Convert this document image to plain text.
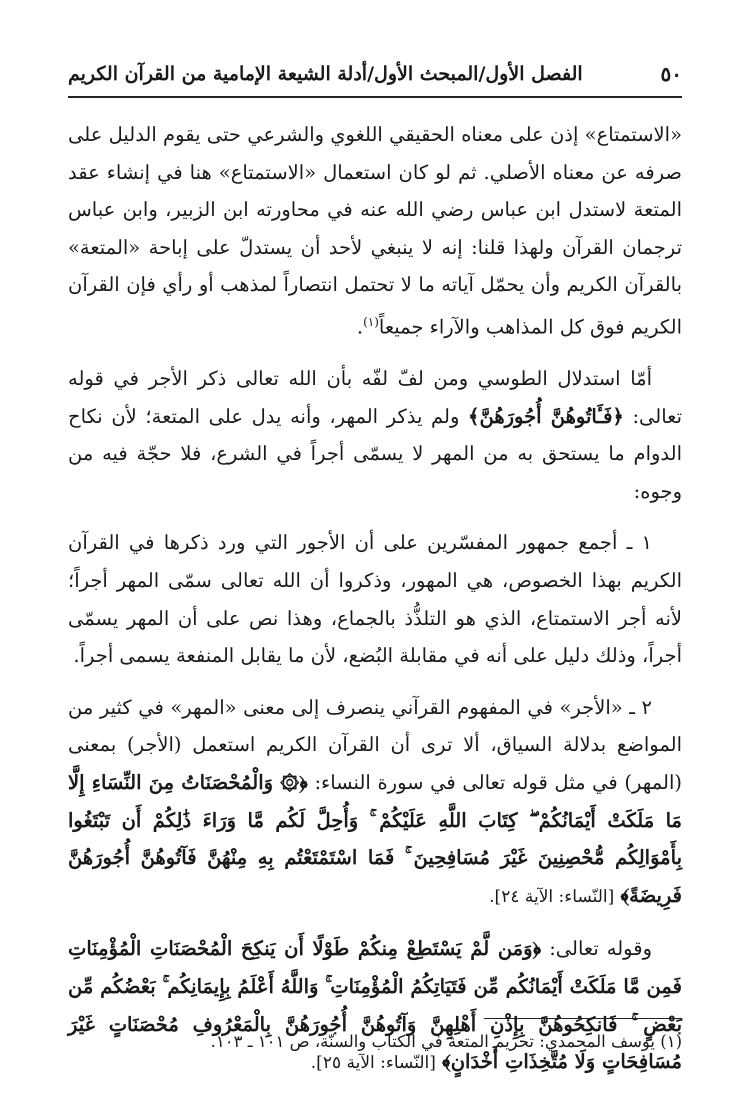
٥٠
الفصل الأول/المبحث الأول/أدلة الشيعة الإمامية من القرآن الكريم

«الاستمتاع» إذن على معناه الحقيقي اللغوي والشرعي حتى يقوم الدليل على صرفه عن معناه الأصلي. ثم لو كان استعمال «الاستمتاع» هنا في إنشاء عقد المتعة لاستدل ابن عباس رضي الله عنه في محاورته ابن الزبير، وابن عباس ترجمان القرآن ولهذا قلنا: إنه لا ينبغي لأحد أن يستدلّ على إباحة «المتعة» بالقرآن الكريم وأن يحمّل آياته ما لا تحتمل انتصاراً لمذهب أو رأي فإن القرآن الكريم فوق كل المذاهب والآراء جميعاً$^{(١)}$.

أمّا استدلال الطوسي ومن لفّ لفّه بأن الله تعالى ذكر الأجر في قوله تعالى: ﴿فَـَٔاتُوهُنَّ أُجُورَهُنَّ﴾ ولم يذكر المهر، وأنه يدل على المتعة؛ لأن نكاح الدوام ما يستحق به من المهر لا يسمّى أجراً في الشرع، فلا حجّة فيه من وجوه:

١ ـ أجمع جمهور المفسّرين على أن الأجور التي ورد ذكرها في القرآن الكريم بهذا الخصوص، هي المهور، وذكروا أن الله تعالى سمّى المهر أجراً؛ لأنه أجر الاستمتاع، الذي هو التلذُّذ بالجماع، وهذا نص على أن المهر يسمّى أجراً، وذلك دليل على أنه في مقابلة البُضع، لأن ما يقابل المنفعة يسمى أجراً.

٢ ـ «الأجر» في المفهوم القرآني ينصرف إلى معنى «المهر» في كثير من المواضع بدلالة السياق، ألا ترى أن القرآن الكريم استعمل (الأجر) بمعنى (المهر) في مثل قوله تعالى في سورة النساء: ﴿۞ وَالْمُحْصَنَاتُ مِنَ النِّسَاءِ إِلَّا مَا مَلَكَتْ أَيْمَانُكُمْ ۖ كِتَابَ اللَّهِ عَلَيْكُمْ ۚ وَأُحِلَّ لَكُم مَّا وَرَاءَ ذَٰلِكُمْ أَن تَبْتَغُوا بِأَمْوَالِكُم مُّحْصِنِينَ غَيْرَ مُسَافِحِينَ ۚ فَمَا اسْتَمْتَعْتُم بِهِ مِنْهُنَّ فَآتُوهُنَّ أُجُورَهُنَّ فَرِيضَةً﴾ [النّساء: الآية ٢٤].

وقوله تعالى: ﴿وَمَن لَّمْ يَسْتَطِعْ مِنكُمْ طَوْلًا أَن يَنكِحَ الْمُحْصَنَاتِ الْمُؤْمِنَاتِ فَمِن مَّا مَلَكَتْ أَيْمَانُكُم مِّن فَتَيَاتِكُمُ الْمُؤْمِنَاتِ ۚ وَاللَّهُ أَعْلَمُ بِإِيمَانِكُم ۚ بَعْضُكُم مِّن بَعْضٍ ۚ فَانكِحُوهُنَّ بِإِذْنِ أَهْلِهِنَّ وَآتُوهُنَّ أُجُورَهُنَّ بِالْمَعْرُوفِ مُحْصَنَاتٍ غَيْرَ مُسَافِحَاتٍ وَلَا مُتَّخِذَاتِ أَخْدَانٍ﴾ [النّساء: الآية ٢٥].

(١) يوسف المحمدي: تحريم المتعة في الكتاب والسنّة، ص ١٠١ ـ ١٠٣.
